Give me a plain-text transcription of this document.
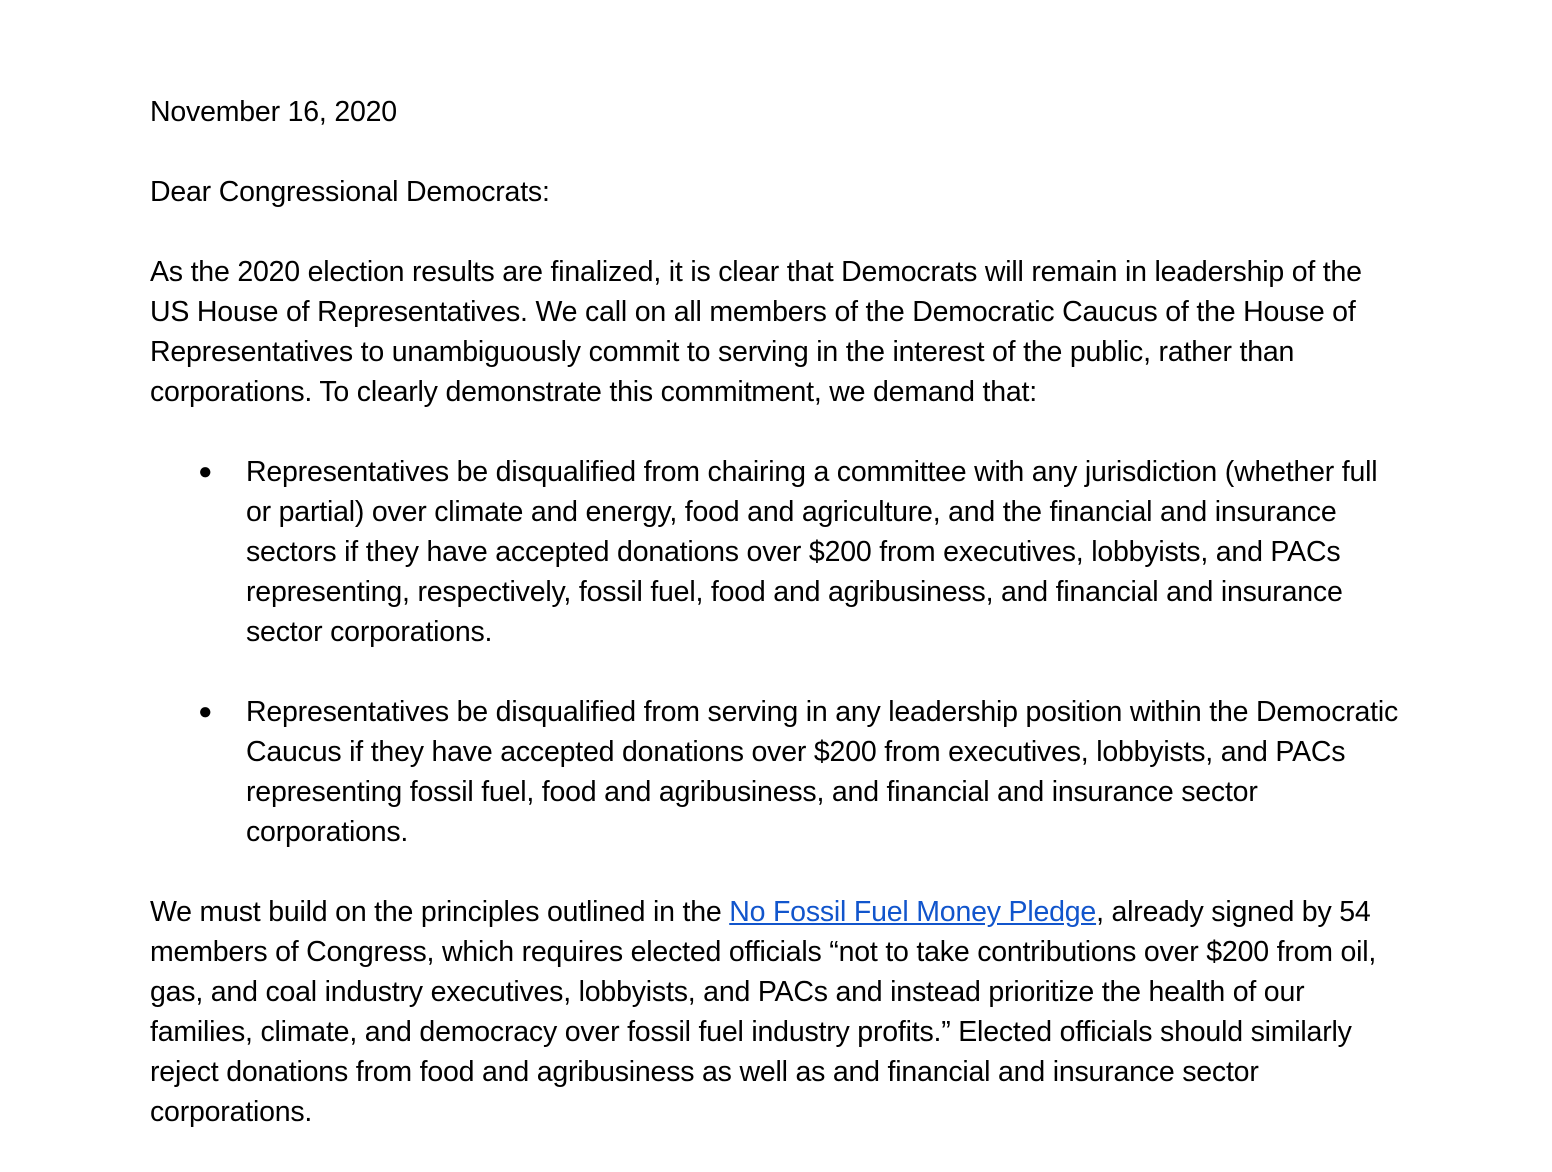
November 16, 2020

Dear Congressional Democrats:

As the 2020 election results are finalized, it is clear that Democrats will remain in leadership of the US House of Representatives. We call on all members of the Democratic Caucus of the House of Representatives to unambiguously commit to serving in the interest of the public, rather than corporations. To clearly demonstrate this commitment, we demand that:

● Representatives be disqualified from chairing a committee with any jurisdiction (whether full or partial) over climate and energy, food and agriculture, and the financial and insurance sectors if they have accepted donations over $200 from executives, lobbyists, and PACs representing, respectively, fossil fuel, food and agribusiness, and financial and insurance sector corporations.
● Representatives be disqualified from serving in any leadership position within the Democratic Caucus if they have accepted donations over $200 from executives, lobbyists, and PACs representing fossil fuel, food and agribusiness, and financial and insurance sector corporations.

We must build on the principles outlined in the No Fossil Fuel Money Pledge, already signed by 54 members of Congress, which requires elected officials “not to take contributions over $200 from oil, gas, and coal industry executives, lobbyists, and PACs and instead prioritize the health of our families, climate, and democracy over fossil fuel industry profits.” Elected officials should similarly reject donations from food and agribusiness as well as and financial and insurance sector corporations.
